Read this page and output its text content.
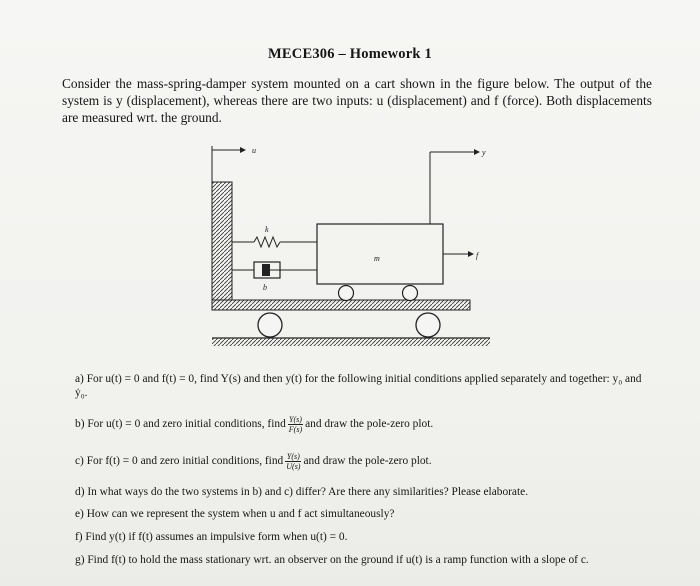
MECE306 – Homework 1
Consider the mass-spring-damper system mounted on a cart shown in the figure below. The output of the system is y (displacement), whereas there are two inputs: u (displacement) and f (force). Both displacements are measured wrt. the ground.
u
k
b
m
y
f
a) For u(t) = 0 and f(t) = 0, find Y(s) and then y(t) for the following initial conditions applied separately and together: y₀ and ẏ₀.
b) For u(t) = 0 and zero initial conditions, find $\frac{Y(s)}{F(s)}$ and draw the pole-zero plot.
c) For f(t) = 0 and zero initial conditions, find $\frac{Y(s)}{U(s)}$ and draw the pole-zero plot.
d) In what ways do the two systems in b) and c) differ? Are there any similarities? Please elaborate.
e) How can we represent the system when u and f act simultaneously?
f) Find y(t) if f(t) assumes an impulsive form when u(t) = 0.
g) Find f(t) to hold the mass stationary wrt. an observer on the ground if u(t) is a ramp function with a slope of c.
